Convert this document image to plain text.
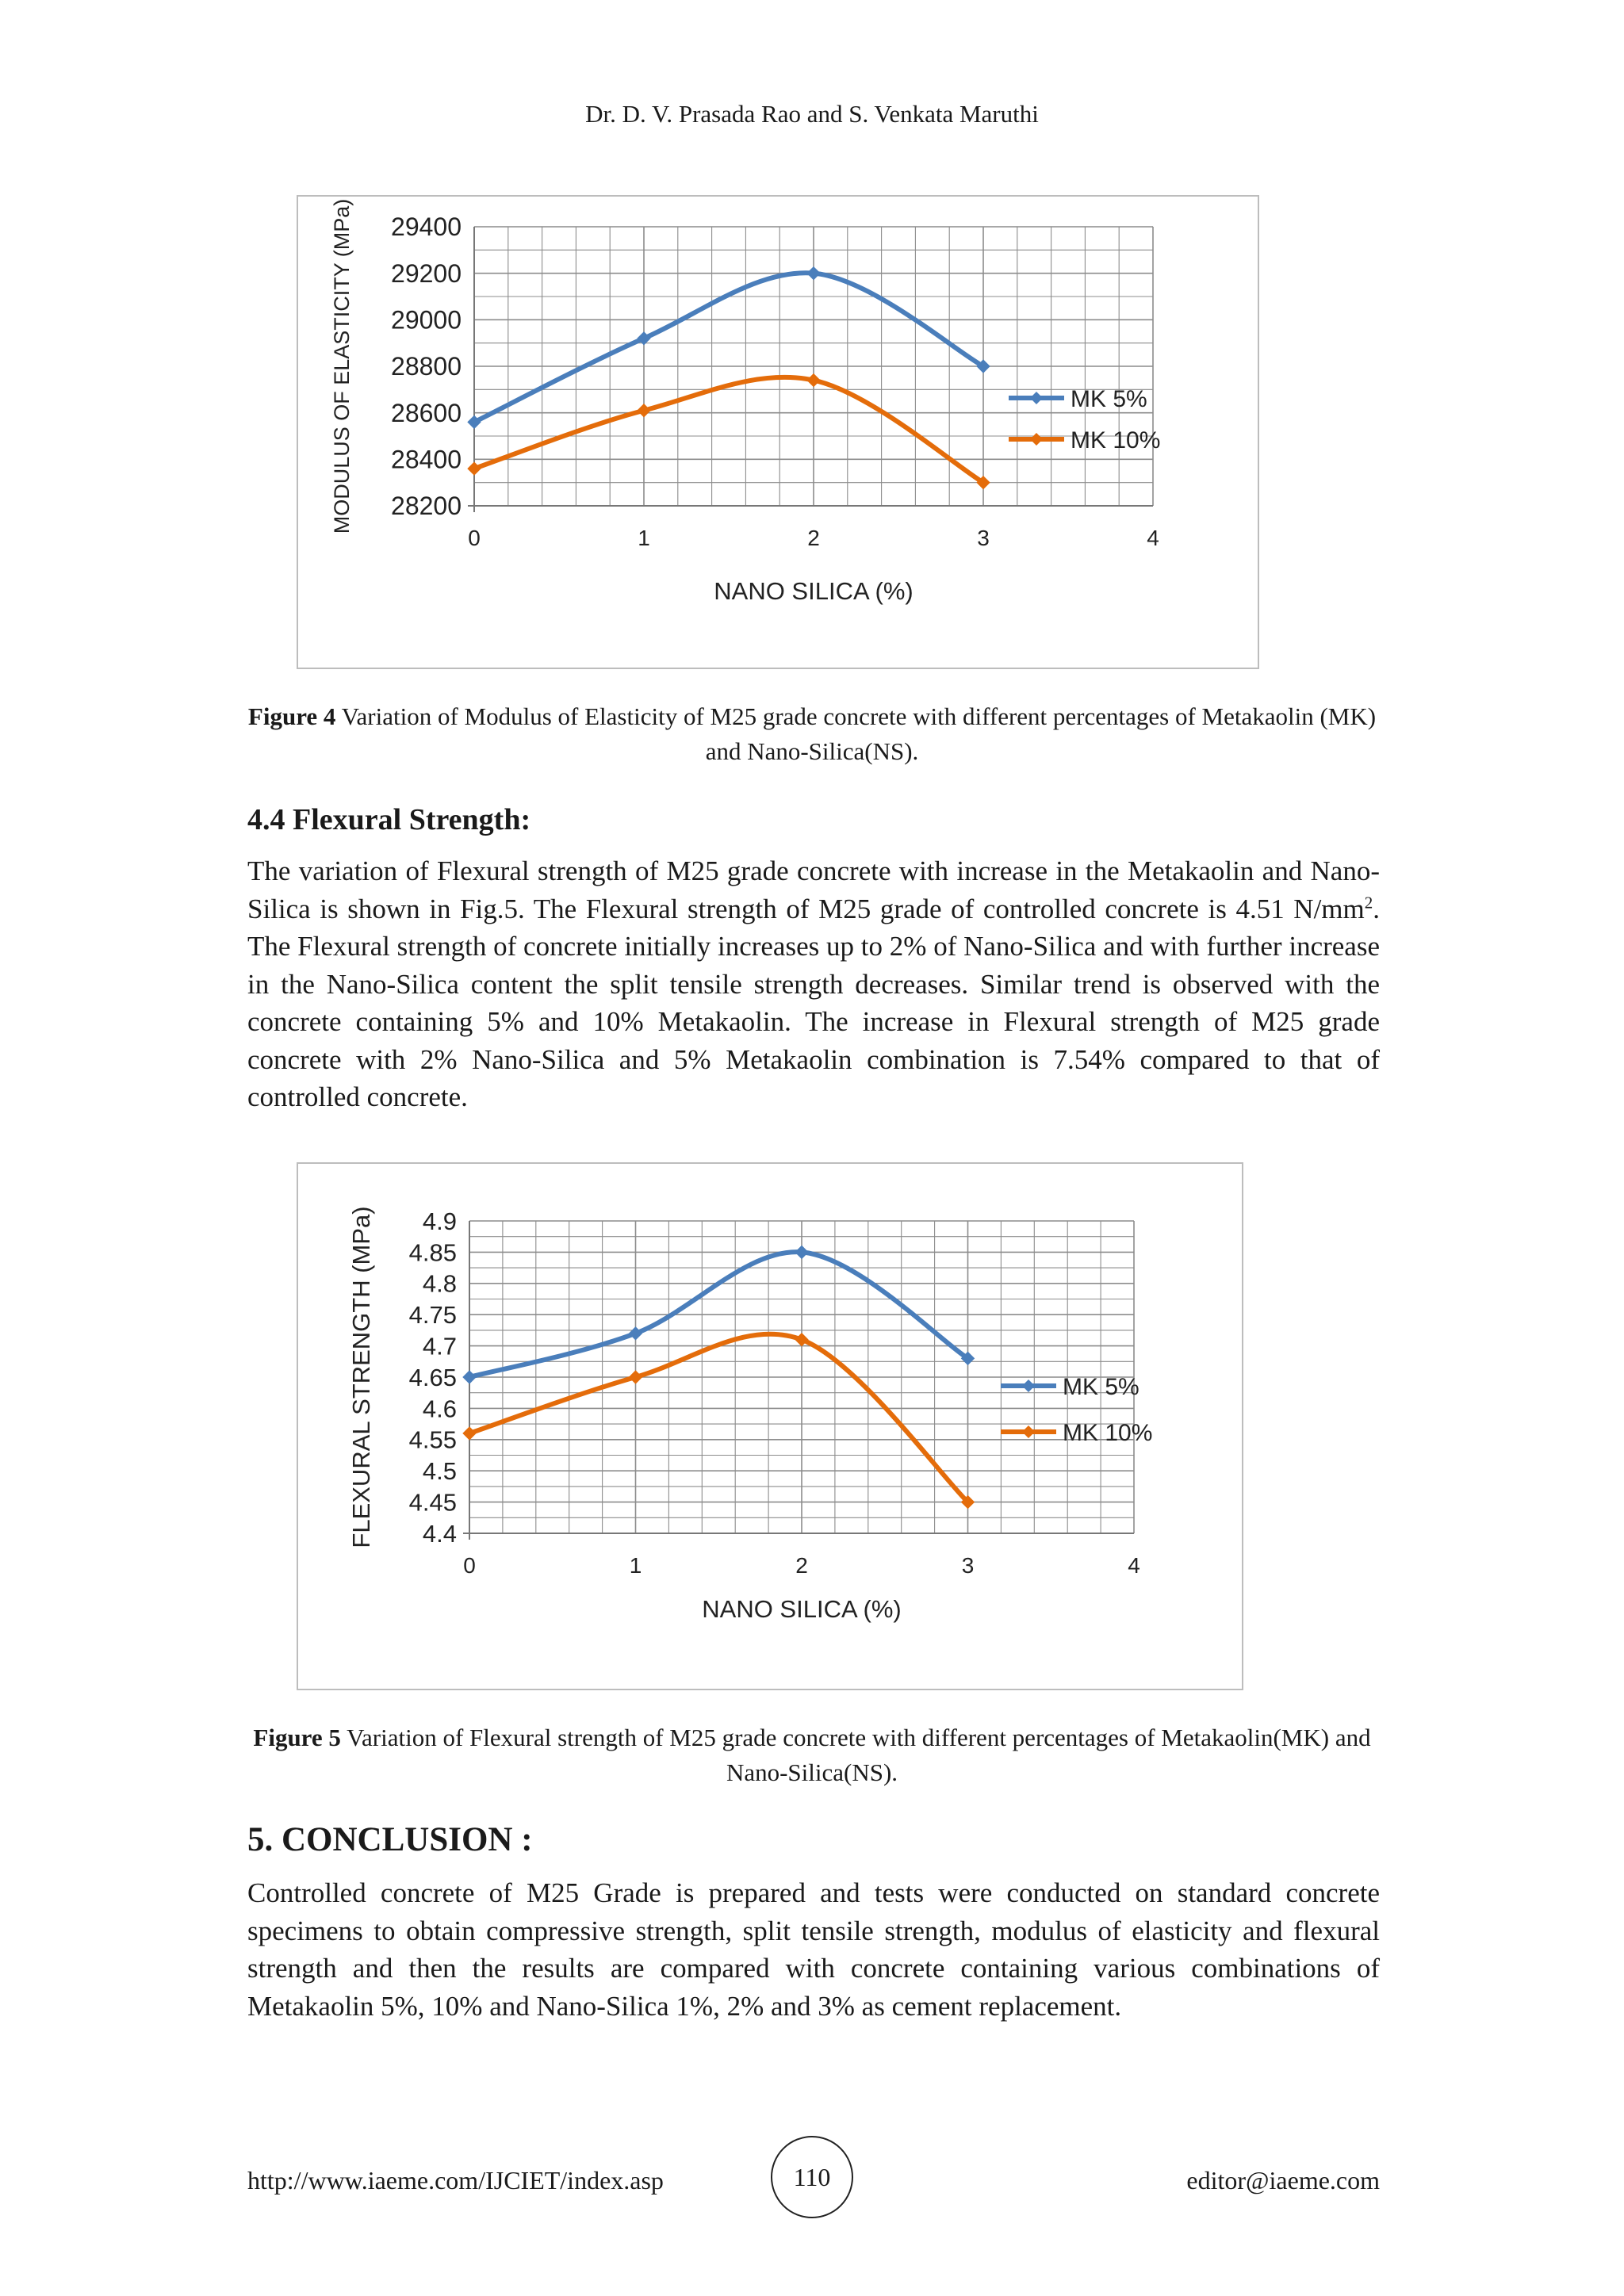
Dr. D. V. Prasada Rao and S. Venkata Maruthi
28200
28400
28600
28800
29000
29200
29400
0	1	2	3	4
NANO SILICA (%)
MODULUS OF ELASTICITY (MPa)	MK 5%
MK 10%
Figure 4 Variation of Modulus of Elasticity of M25 grade concrete with different percentages of Metakaolin (MK) and Nano-Silica(NS).
4.4 Flexural Strength:
The variation of Flexural strength of M25 grade concrete with increase in the Metakaolin and Nano-Silica is shown in Fig.5. The Flexural strength of M25 grade of controlled concrete is 4.51 $N/mm^2$. The Flexural strength of concrete initially increases up to 2% of Nano-Silica and with further increase in the Nano-Silica content the split tensile strength decreases. Similar trend is observed with the concrete containing 5% and 10% Metakaolin. The increase in Flexural strength of M25 grade concrete with 2% Nano-Silica and 5% Metakaolin combination is 7.54% compared to that of controlled concrete.
4.4
4.45
4.5
4.55
4.6
4.65
4.7
4.75
4.8
4.85
4.9
0	1	2	3	4
NANO SILICA (%)
FLEXURAL STRENGTH (MPa)	MK 5%
MK 10%
Figure 5 Variation of Flexural strength of M25 grade concrete with different percentages of Metakaolin(MK) and Nano-Silica(NS).
5. CONCLUSION :
Controlled concrete of M25 Grade is prepared and tests were conducted on standard concrete specimens to obtain compressive strength, split tensile strength, modulus of elasticity and flexural strength and then the results are compared with concrete containing various combinations of Metakaolin 5%, 10% and Nano-Silica 1%, 2% and 3% as cement replacement.
http://www.iaeme.com/IJCIET/index.asp	110	editor@iaeme.com
